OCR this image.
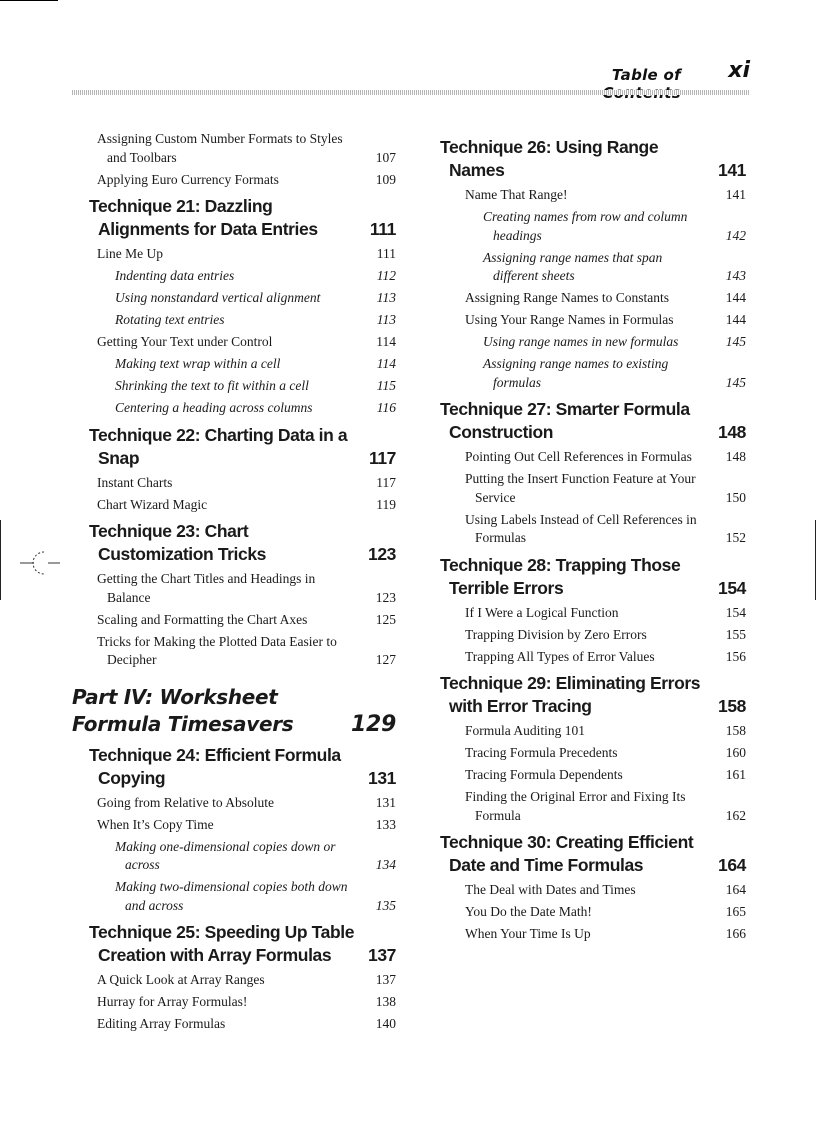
Table of	xi
Assigning Custom Number Formats to Styles and Toolbars	107
Applying Euro Currency Formats	109
Technique 21: Dazzling Alignments for Data Entries	111
Line Me Up	111
Indenting data entries	112
Using nonstandard vertical alignment	113
Rotating text entries	113
Getting Your Text under Control	114
Making text wrap within a cell	114
Shrinking the text to fit within a cell	115
Centering a heading across columns	116
Technique 22: Charting Data in a Snap	117
Instant Charts	117
Chart Wizard Magic	119
Technique 23: Chart Customization Tricks	123
Getting the Chart Titles and Headings in Balance	123
Scaling and Formatting the Chart Axes	125
Tricks for Making the Plotted Data Easier to Decipher	127
Part IV: Worksheet Formula Timesavers	129
Technique 24: Efficient Formula Copying	131
Going from Relative to Absolute	131
When It’s Copy Time	133
Making one-dimensional copies down or across	134
Making two-dimensional copies both down and across	135
Technique 25: Speeding Up Table Creation with Array Formulas	137
A Quick Look at Array Ranges	137
Hurray for Array Formulas!	138
Editing Array Formulas	140
Technique 26: Using Range Names	141
Name That Range!	141
Creating names from row and column headings	142
Assigning range names that span different sheets	143
Assigning Range Names to Constants	144
Using Your Range Names in Formulas	144
Using range names in new formulas	145
Assigning range names to existing formulas	145
Technique 27: Smarter Formula Construction	148
Pointing Out Cell References in Formulas	148
Putting the Insert Function Feature at Your Service	150
Using Labels Instead of Cell References in Formulas	152
Technique 28: Trapping Those Terrible Errors	154
If I Were a Logical Function	154
Trapping Division by Zero Errors	155
Trapping All Types of Error Values	156
Technique 29: Eliminating Errors with Error Tracing	158
Formula Auditing 101	158
Tracing Formula Precedents	160
Tracing Formula Dependents	161
Finding the Original Error and Fixing Its Formula	162
Technique 30: Creating Efficient Date and Time Formulas	164
The Deal with Dates and Times	164
You Do the Date Math!	165
When Your Time Is Up	166
